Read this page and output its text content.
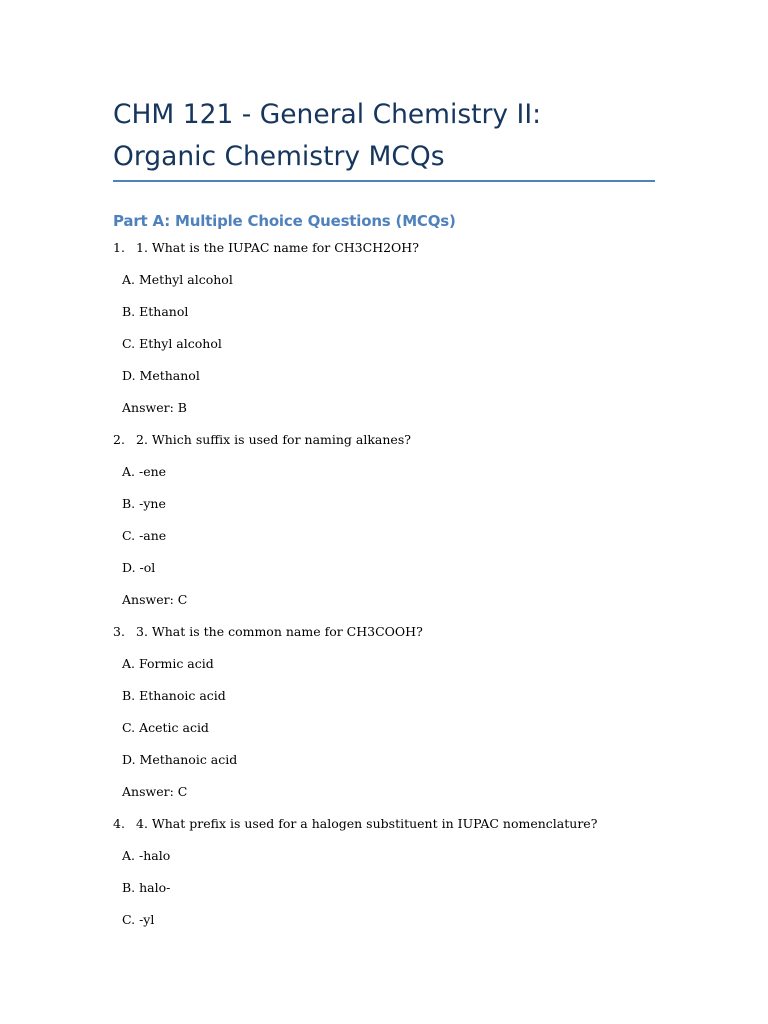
CHM 121 - General Chemistry II:
Organic Chemistry MCQs
Part A: Multiple Choice Questions (MCQs)
1. 1. What is the IUPAC name for CH3CH2OH?
A. Methyl alcohol
B. Ethanol
C. Ethyl alcohol
D. Methanol
Answer: B
2. 2. Which suffix is used for naming alkanes?
A. -ene
B. -yne
C. -ane
D. -ol
Answer: C
3. 3. What is the common name for CH3COOH?
A. Formic acid
B. Ethanoic acid
C. Acetic acid
D. Methanoic acid
Answer: C
4. 4. What prefix is used for a halogen substituent in IUPAC nomenclature?
A. -halo
B. halo-
C. -yl
